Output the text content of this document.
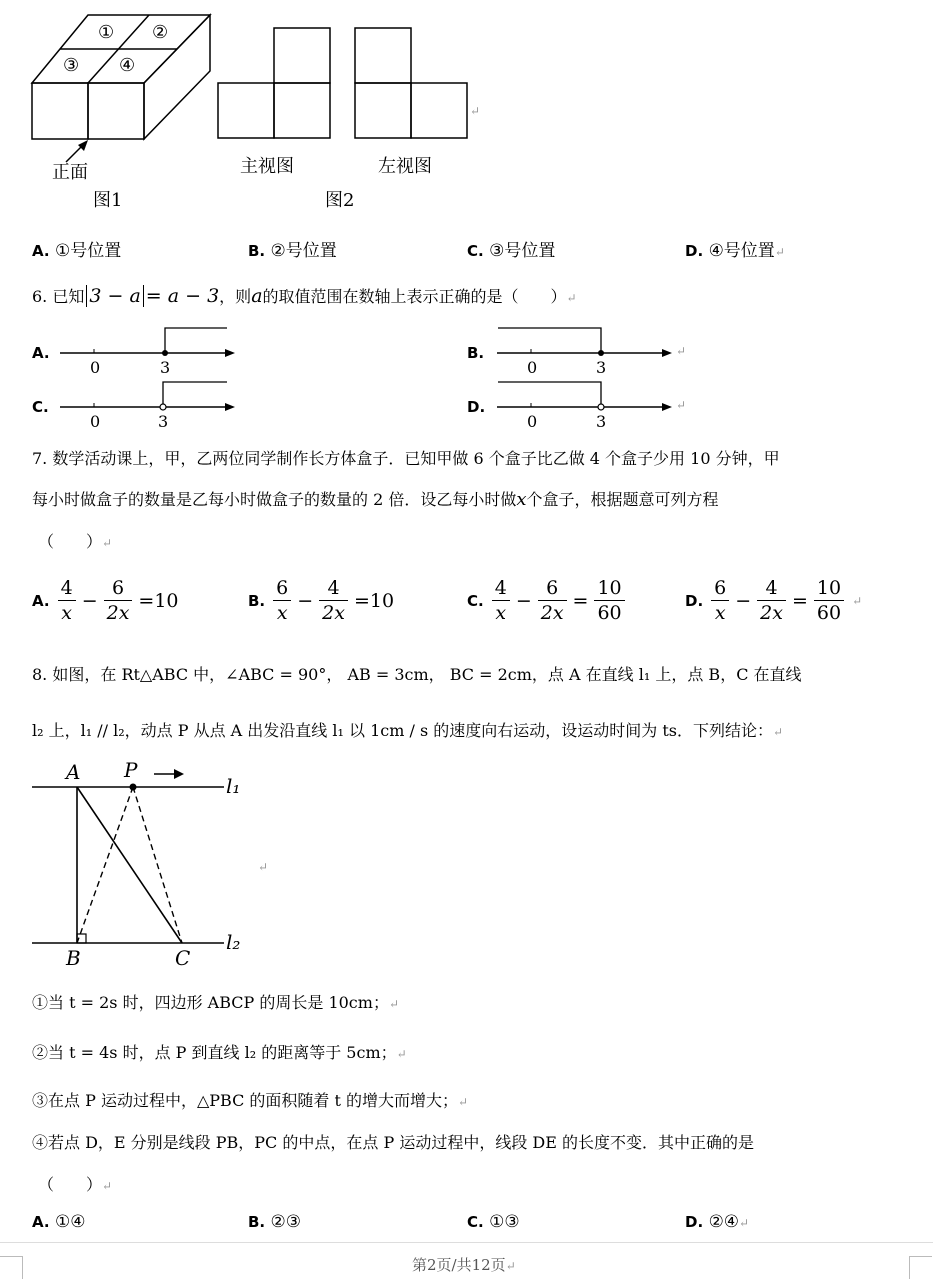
① ②
③ ④
正面
图1
↵
主视图	左视图
图2
A. ①号位置	B. ②号位置	C. ③号位置	D. ④号位置↵
6. 已知 3 − a = a − 3，则a的取值范围在数轴上表示正确的是（　　）↵
A.
0	3
B.	↵
0	3
C.
0	3
D.	↵
0	3
7. 数学活动课上，甲，乙两位同学制作长方体盒子．已知甲做 6 个盒子比乙做 4 个盒子少用 10 分钟，甲
每小时做盒子的数量是乙每小时做盒子的数量的 2 倍．设乙每小时做x个盒子，根据题意可列方程
（　　）↵
A. $\frac{4}{x} - \frac{6}{2x} =10$	B. $\frac{6}{x} - \frac{4}{2x} =10$	C. $\frac{4}{x} - \frac{6}{2x} = \frac{10}{60}$	D. $\frac{6}{x} - \frac{4}{2x} = \frac{10}{60}$ ↵
8. 如图，在 Rt△ABC 中，∠ABC = 90°， AB = 3cm， BC = 2cm，点 A 在直线 l₁ 上，点 B，C 在直线
l₂ 上，l₁ // l₂，动点 P 从点 A 出发沿直线 l₁ 以 1cm / s 的速度向右运动，设运动时间为 ts．下列结论：↵
A P
l₁
B	C
l₂
↵
①当 t = 2s 时，四边形 ABCP 的周长是 10cm；↵
②当 t = 4s 时，点 P 到直线 l₂ 的距离等于 5cm；↵
③在点 P 运动过程中，△PBC 的面积随着 t 的增大而增大；↵
④若点 D，E 分别是线段 PB，PC 的中点，在点 P 运动过程中，线段 DE 的长度不变．其中正确的是
（　　）↵
A. ①④	B. ②③	C. ①③	D. ②④↵
第2页/共12页↵
